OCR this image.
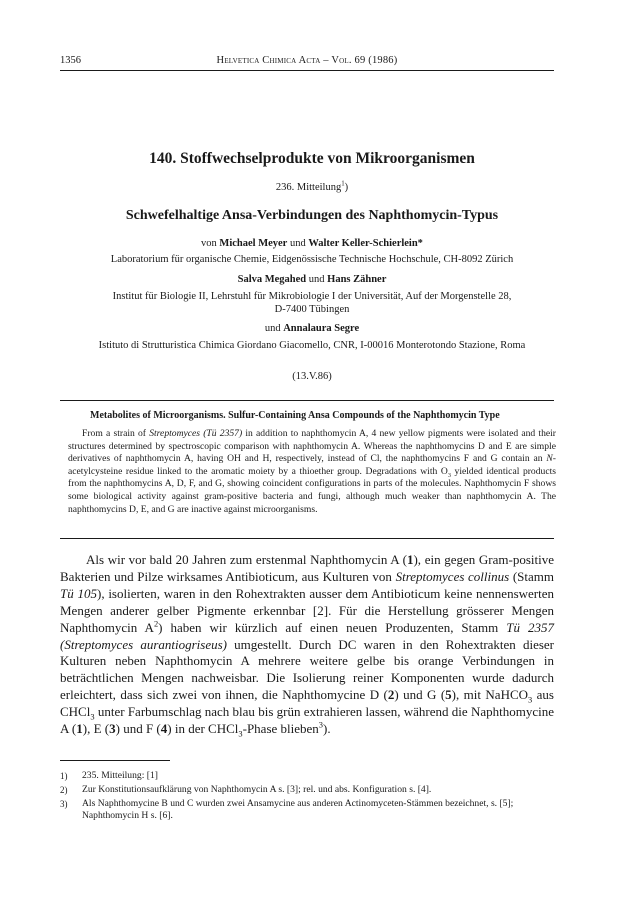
1356	Helvetica Chimica Acta – Vol. 69 (1986)
140. Stoffwechselprodukte von Mikroorganismen
236. Mitteilung$^1$)
Schwefelhaltige Ansa-Verbindungen des Naphthomycin-Typus
von Michael Meyer und Walter Keller-Schierlein*
Laboratorium für organische Chemie, Eidgenössische Technische Hochschule, CH-8092 Zürich
Salva Megahed und Hans Zähner
Institut für Biologie II, Lehrstuhl für Mikrobiologie I der Universität, Auf der Morgenstelle 28,
D-7400 Tübingen
und Annalaura Segre
Istituto di Strutturistica Chimica Giordano Giacomello, CNR, I-00016 Monterotondo Stazione, Roma
(13.V.86)
Metabolites of Microorganisms. Sulfur-Containing Ansa Compounds of the Naphthomycin Type
From a strain of Streptomyces (Tü 2357) in addition to naphthomycin A, 4 new yellow pigments were isolated and their structures determined by spectroscopic comparison with naphthomycin A. Whereas the naphthomycins D and E are simple derivatives of naphthomycin A, having OH and H, respectively, instead of Cl, the naphthomycins F and G contain an N-acetylcysteine residue linked to the aromatic moiety by a thioether group. Degradations with $O_3$ yielded identical products from the naphthomycins A, D, F, and G, showing coincident configurations in parts of the molecules. Naphthomycin F shows some biological activity against gram-positive bacteria and fungi, although much weaker than naphthomycin A. The naphthomycins D, E, and G are inactive against microorganisms.
Als wir vor bald 20 Jahren zum erstenmal Naphthomycin A (1), ein gegen Gram-positive Bakterien und Pilze wirksames Antibioticum, aus Kulturen von Streptomyces collinus (Stamm Tü 105), isolierten, waren in den Rohextrakten ausser dem Antibioticum keine nennenswerten Mengen anderer gelber Pigmente erkennbar [2]. Für die Herstellung grösserer Mengen Naphthomycin $A^2$) haben wir kürzlich auf einen neuen Produzenten, Stamm Tü 2357 (Streptomyces aurantiogriseus) umgestellt. Durch DC waren in den Rohextrakten dieser Kulturen neben Naphthomycin A mehrere weitere gelbe bis orange Verbindungen in beträchtlichen Mengen nachweisbar. Die Isolierung reiner Komponenten wurde dadurch erleichtert, dass sich zwei von ihnen, die Naphthomycine D (2) und G (5), mit NaHCO$_3$ aus CHCl$_3$ unter Farbumschlag nach blau bis grün extrahieren lassen, während die Naphthomycine A (1), E (3) und F (4) in der CHCl$_3$-Phase blieben$^3$).
1)	235. Mitteilung: [1]
2)	Zur Konstitutionsaufklärung von Naphthomycin A s. [3]; rel. und abs. Konfiguration s. [4].
3)	Als Naphthomycine B und C wurden zwei Ansamycine aus anderen Actinomyceten-Stämmen bezeichnet, s. [5]; Naphthomycin H s. [6].
